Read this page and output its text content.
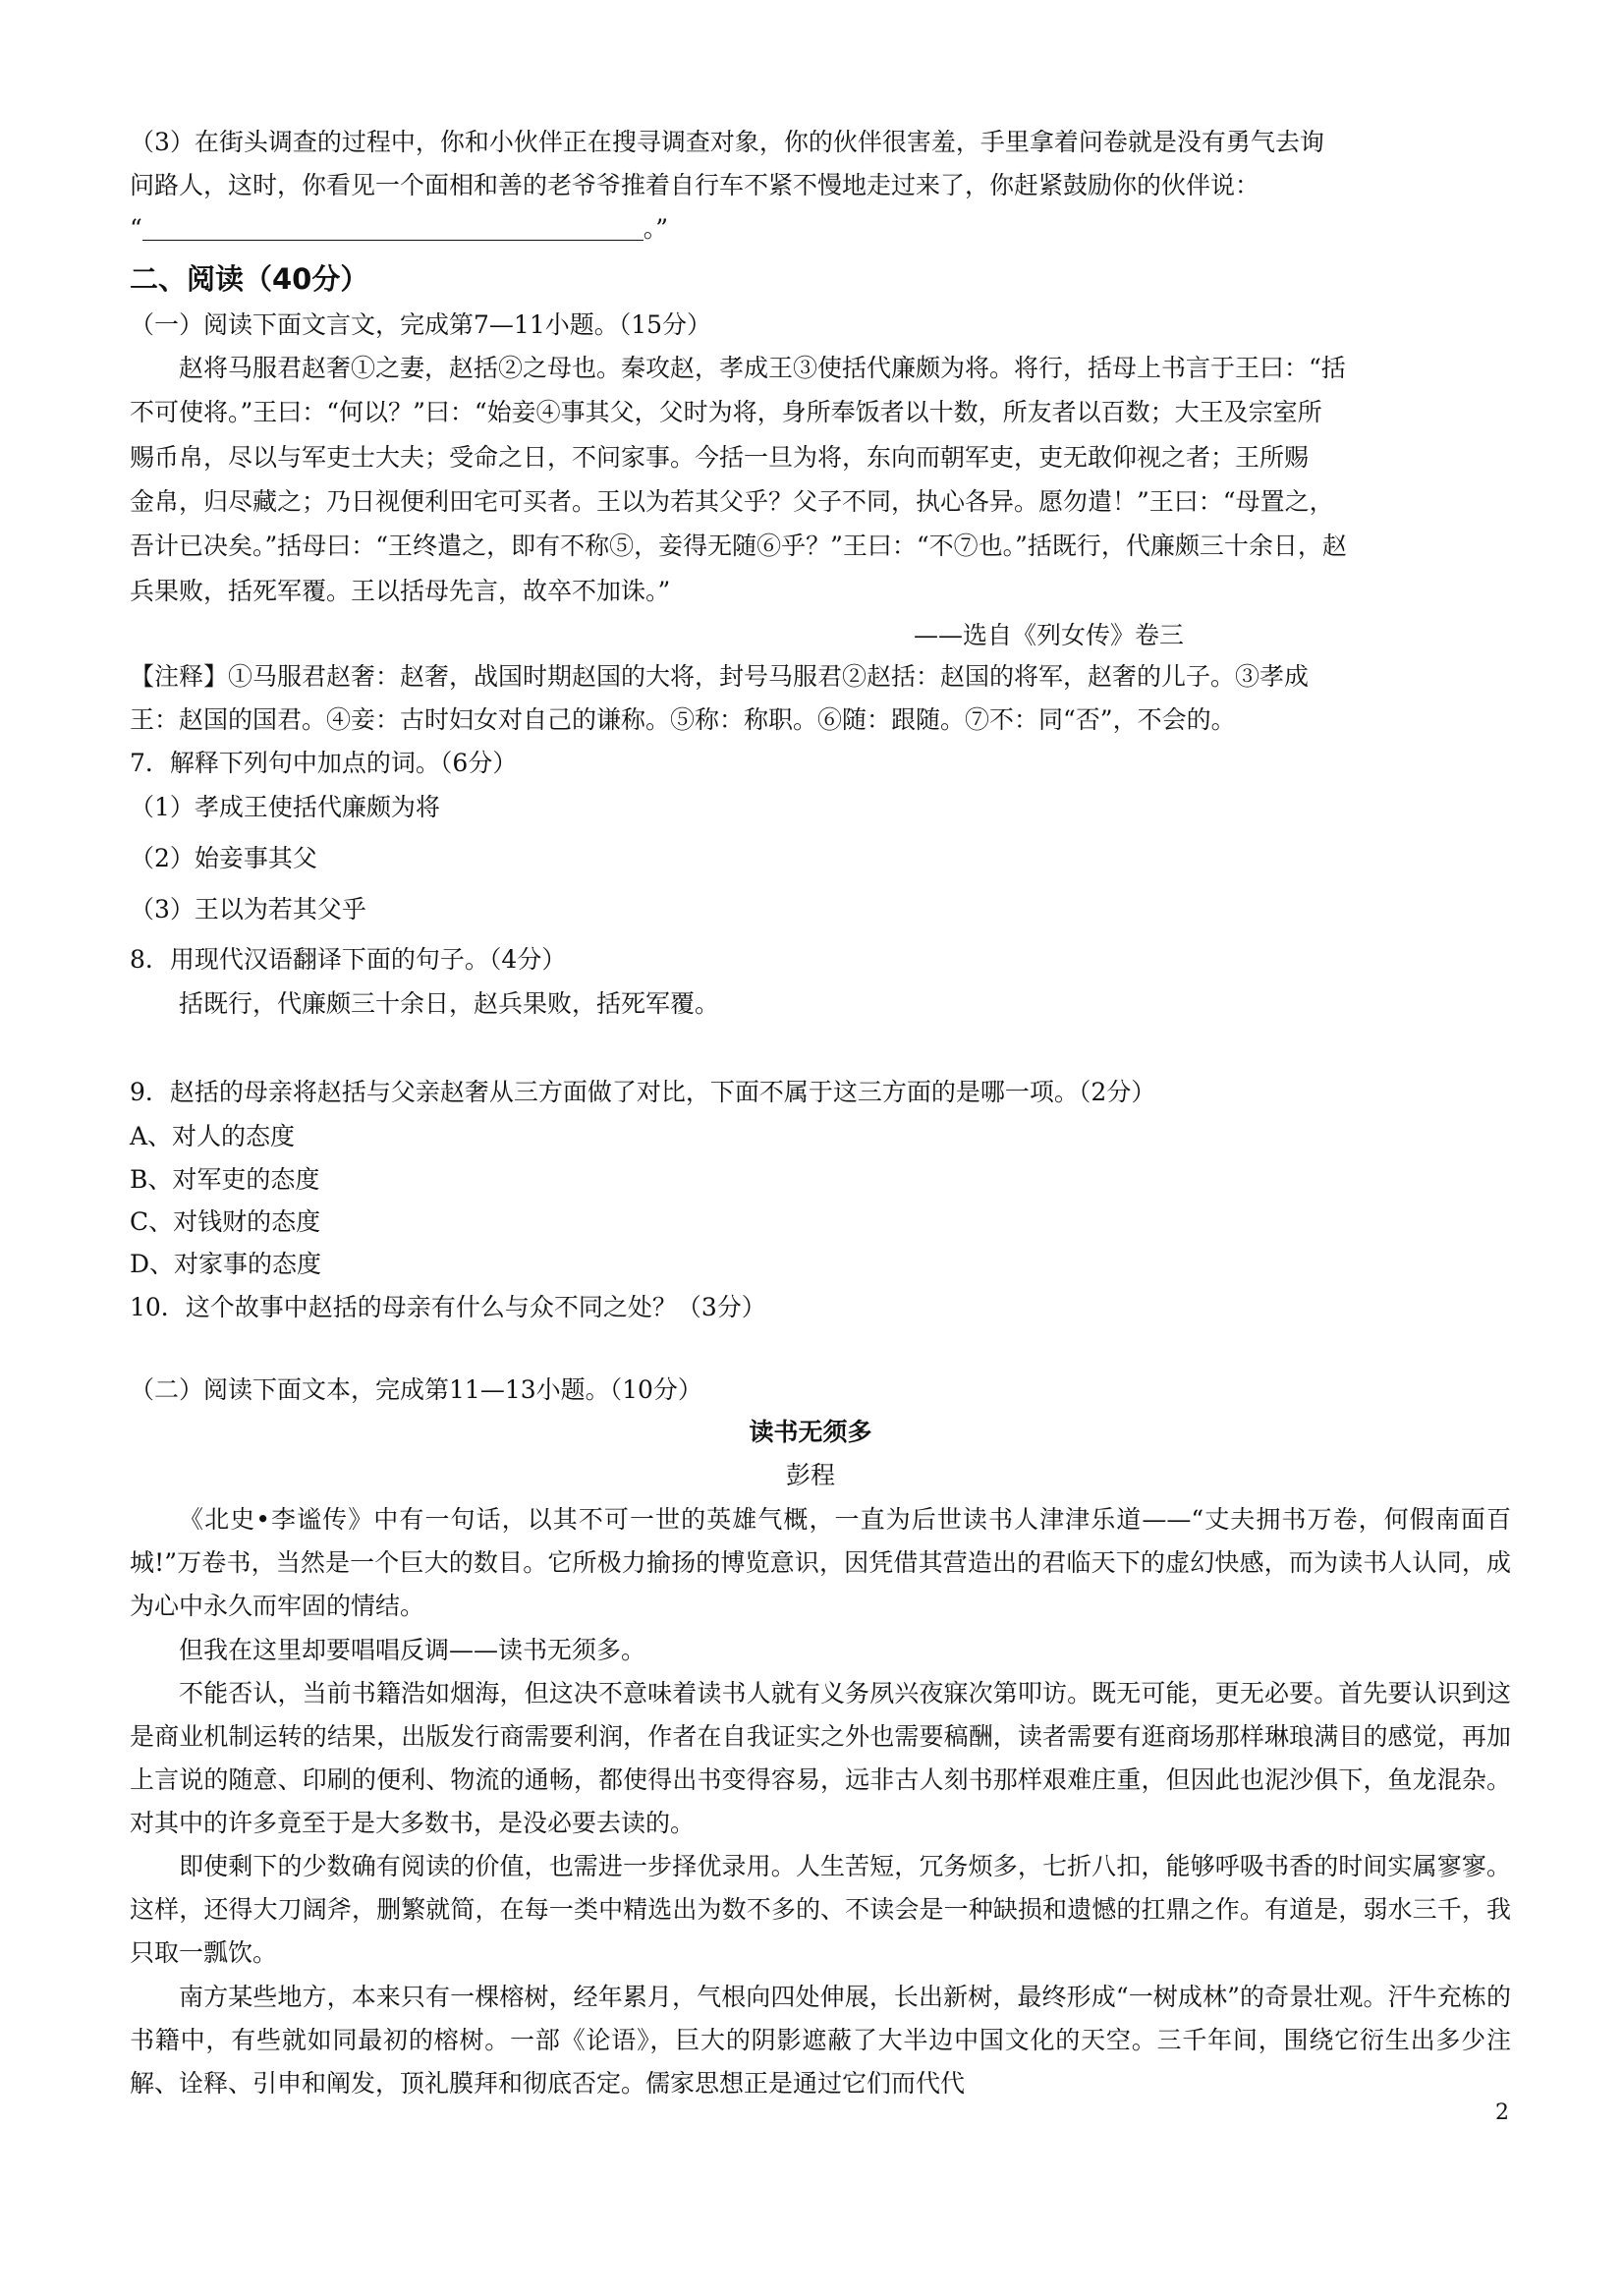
（3）在街头调查的过程中，你和小伙伴正在搜寻调查对象，你的伙伴很害羞，手里拿着问卷就是没有勇气去询
问路人，这时，你看见一个面相和善的老爷爷推着自行车不紧不慢地走过来了，你赶紧鼓励你的伙伴说：
“	。”
二、阅读（40分）
（一）阅读下面文言文，完成第7—11小题。（15分）
赵将马服君赵奢①之妻，赵括②之母也。秦攻赵，孝成王③使括代廉颇为将。将行，括母上书言于王曰：“括
不可使将。”王曰：“何以？”曰：“始妾④事其父，父时为将，身所奉饭者以十数，所友者以百数；大王及宗室所
赐币帛，尽以与军吏士大夫；受命之日，不问家事。今括一旦为将，东向而朝军吏，吏无敢仰视之者；王所赐
金帛，归尽藏之；乃日视便利田宅可买者。王以为若其父乎？父子不同，执心各异。愿勿遣！”王曰：“母置之，
吾计已决矣。”括母曰：“王终遣之，即有不称⑤，妾得无随⑥乎？”王曰：“不⑦也。”括既行，代廉颇三十余日，赵
兵果败，括死军覆。王以括母先言，故卒不加诛。”
——选自《列女传》卷三
【注释】①马服君赵奢：赵奢，战国时期赵国的大将，封号马服君②赵括：赵国的将军，赵奢的儿子。③孝成
王：赵国的国君。④妾：古时妇女对自己的谦称。⑤称：称职。⑥随：跟随。⑦不：同“否”，不会的。
7．解释下列句中加点的词。（6分）
（1）孝成王使括代廉颇为将
（2）始妾事其父
（3）王以为若其父乎
8．用现代汉语翻译下面的句子。（4分）
括既行，代廉颇三十余日，赵兵果败，括死军覆。
9．赵括的母亲将赵括与父亲赵奢从三方面做了对比，下面不属于这三方面的是哪一项。（2分）
A、对人的态度
B、对军吏的态度
C、对钱财的态度
D、对家事的态度
10．这个故事中赵括的母亲有什么与众不同之处？（3分）
（二）阅读下面文本，完成第11—13小题。（10分）
读书无须多
彭程

《北史•李谧传》中有一句话，以其不可一世的英雄气概，一直为后世读书人津津乐道——“丈夫拥书万卷，何假南面百城!”万卷书，当然是一个巨大的数目。它所极力揄扬的博览意识，因凭借其营造出的君临天下的虚幻快感，而为读书人认同，成为心中永久而牢固的情结。

但我在这里却要唱唱反调——读书无须多。

不能否认，当前书籍浩如烟海，但这决不意味着读书人就有义务夙兴夜寐次第叩访。既无可能，更无必要。首先要认识到这是商业机制运转的结果，出版发行商需要利润，作者在自我证实之外也需要稿酬，读者需要有逛商场那样琳琅满目的感觉，再加上言说的随意、印刷的便利、物流的通畅，都使得出书变得容易，远非古人刻书那样艰难庄重，但因此也泥沙俱下，鱼龙混杂。对其中的许多竟至于是大多数书，是没必要去读的。

即使剩下的少数确有阅读的价值，也需进一步择优录用。人生苦短，冗务烦多，七折八扣，能够呼吸书香的时间实属寥寥。这样，还得大刀阔斧，删繁就简，在每一类中精选出为数不多的、不读会是一种缺损和遗憾的扛鼎之作。有道是，弱水三千，我只取一瓢饮。

南方某些地方，本来只有一棵榕树，经年累月，气根向四处伸展，长出新树，最终形成“一树成林”的奇景壮观。汗牛充栋的书籍中，有些就如同最初的榕树。一部《论语》，巨大的阴影遮蔽了大半边中国文化的天空。三千年间，围绕它衍生出多少注解、诠释、引申和阐发，顶礼膜拜和彻底否定。儒家思想正是通过它们而代代

2
